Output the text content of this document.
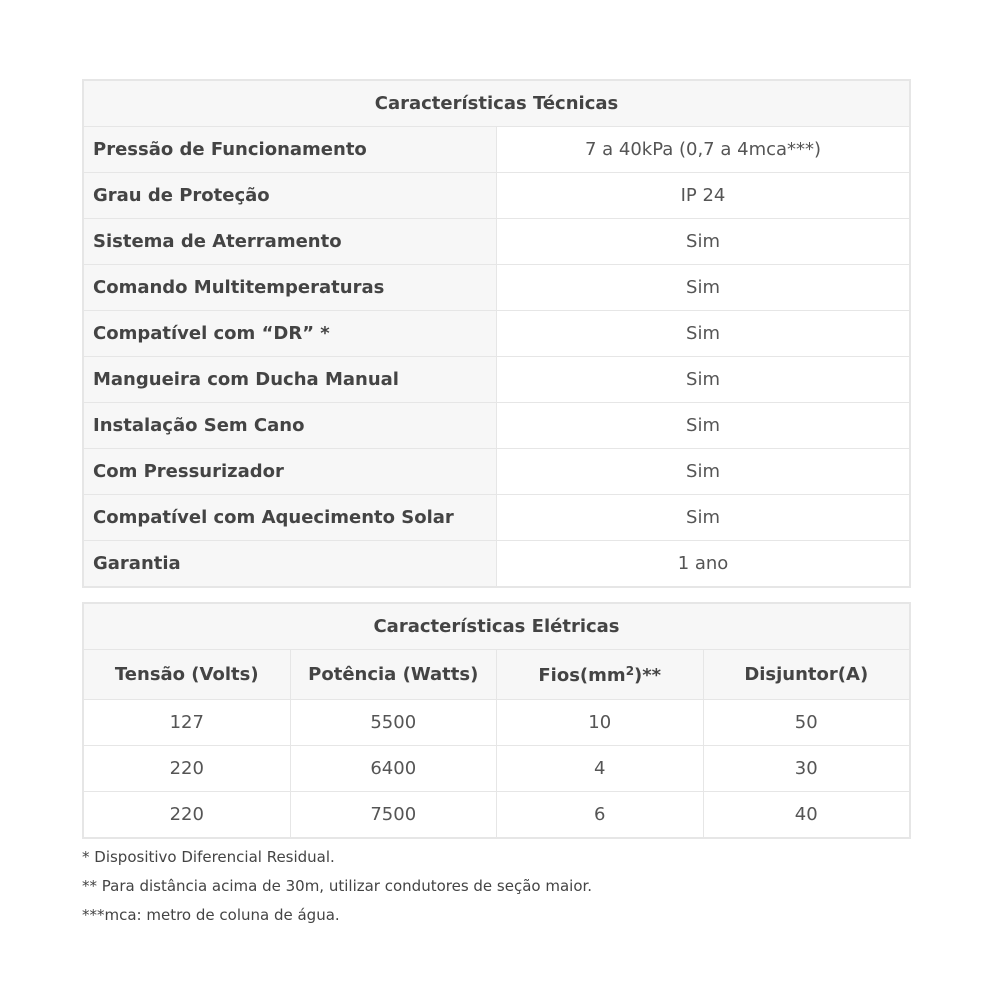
Características Técnicas	
Pressão de Funcionamento	7 a 40kPa (0,7 a 4mca***)
Grau de Proteção	IP 24
Sistema de Aterramento	Sim
Comando Multitemperaturas	Sim
Compatível com “DR” *	Sim
Mangueira com Ducha Manual	Sim
Instalação Sem Cano	Sim
Com Pressurizador	Sim
Compatível com Aquecimento Solar	Sim
Garantia	1 ano
Características Elétricas			
Tensão (Volts)	Potência (Watts)	$Fios(mm^2)**$	Disjuntor(A)
127	5500	10	50
220	6400	4	30
220	7500	6	40
* Dispositivo Diferencial Residual.
** Para distância acima de 30m, utilizar condutores de seção maior.
***mca: metro de coluna de água.
